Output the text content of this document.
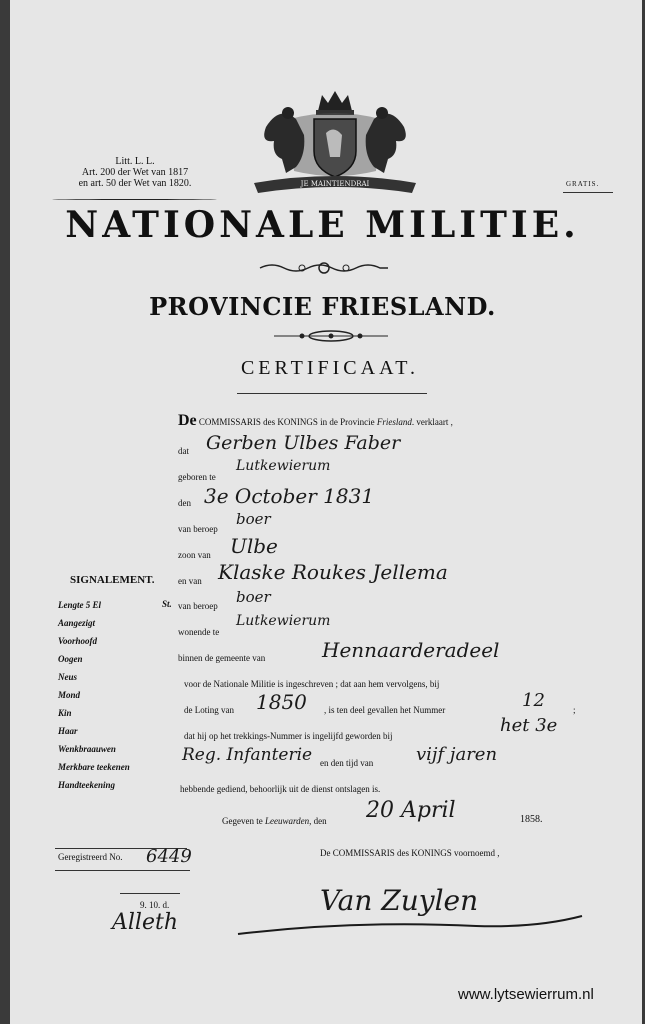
Litt. L. L.
Art. 200 der Wet van 1817
en art. 50 der Wet van 1820.	GRATIS.
JE MAINTIENDRAI
NATIONALE MILITIE.
PROVINCIE FRIESLAND.
CERTIFICAAT.
De COMMISSARIS des KONINGS in de Provincie Friesland. verklaart ,
dat Gerben Ulbes Faber
geboren te
Lutkewierum
den 3e October 1831
van beroep
boer
zoon van Ulbe
en van Klaske Roukes Jellema
van beroep boer
wonende te
Lutkewierum
binnen de gemeente van	Hennaarderadeel
voor de Nationale Militie is ingeschreven ; dat aan hem vervolgens, bij
de Loting van 1850 , is ten deel gevallen het Nummer	12	;
dat hij op het trekkings-Nummer is ingelijfd geworden bij	het 3e
Reg. Infanterie en den tijd van vijf jaren
hebbende gediend, behoorlijk uit de dienst ontslagen is.
Gegeven te Leeuwarden, den 20 April	1858.
De COMMISSARIS des KONINGS voornoemd ,
Van Zuylen
SIGNALEMENT.
Lengte 5 El
Aangezigt
Voorhoofd
Oogen
Neus
Mond
Kin
Haar
Wenkbraauwen
Merkbare teekenen
Handteekening
St.
Geregistreerd No. 6449
9. 10. d.
Alleth
www.lytsewierrum.nl
